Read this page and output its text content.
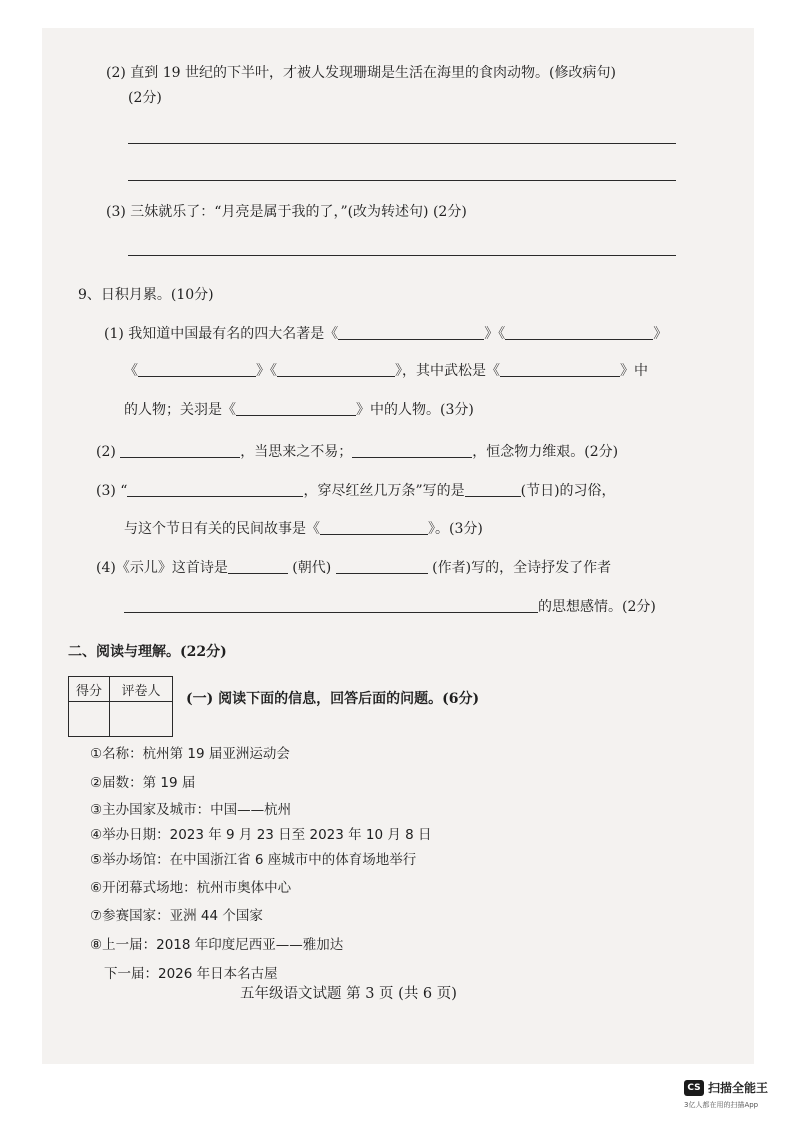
(2) 直到 19 世纪的下半叶，才被人发现珊瑚是生活在海里的食肉动物。(修改病句)
(2分)
(3) 三妹就乐了：“月亮是属于我的了，”(改为转述句) (2分)
9、日积月累。(10分)
(1) 我知道中国最有名的四大名著是《	》《	》
《	》《	》，其中武松是《	》中
的人物；关羽是《	》中的人物。(3分)
(2)	，当思来之不易；	，恒念物力维艰。(2分)
(3) “	，穿尽红丝几万条”写的是	(节日)的习俗，
与这个节日有关的民间故事是《	》。(3分)
(4)《示儿》这首诗是	(朝代)	(作者)写的，全诗抒发了作者
的思想感情。(2分)
二、阅读与理解。(22分)
得分	评卷人
	(一) 阅读下面的信息，回答后面的问题。(6分)
①名称：杭州第 19 届亚洲运动会
②届数：第 19 届
③主办国家及城市：中国——杭州
④举办日期：2023 年 9 月 23 日至 2023 年 10 月 8 日
⑤举办场馆：在中国浙江省 6 座城市中的体育场地举行
⑥开闭幕式场地：杭州市奥体中心
⑦参赛国家：亚洲 44 个国家
⑧上一届：2018 年印度尼西亚——雅加达
下一届：2026 年日本名古屋
五年级语文试题 第 3 页 (共 6 页)
CS 扫描全能王
3亿人都在用的扫描App
